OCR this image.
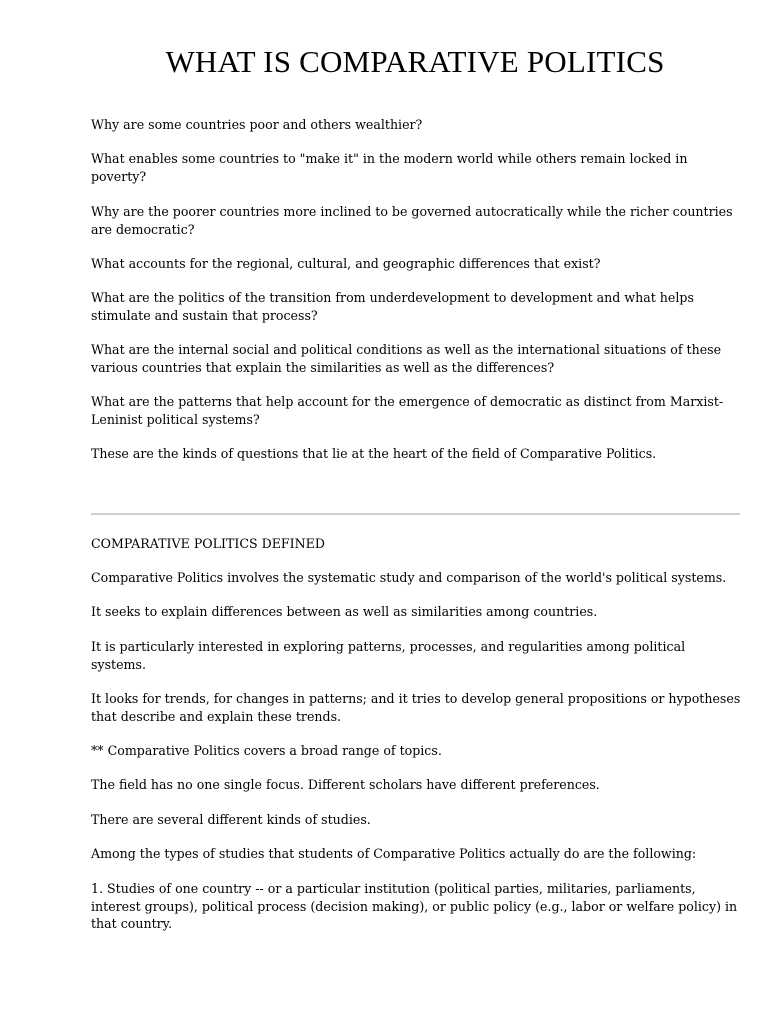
WHAT IS COMPARATIVE POLITICS

Why are some countries poor and others wealthier?

What enables some countries to "make it" in the modern world while others remain locked in poverty?

Why are the poorer countries more inclined to be governed autocratically while the richer countries are democratic?

What accounts for the regional, cultural, and geographic differences that exist?

What are the politics of the transition from underdevelopment to development and what helps stimulate and sustain that process?

What are the internal social and political conditions as well as the international situations of these various countries that explain the similarities as well as the differences?

What are the patterns that help account for the emergence of democratic as distinct from Marxist-Leninist political systems?

These are the kinds of questions that lie at the heart of the field of Comparative Politics.

COMPARATIVE POLITICS DEFINED

Comparative Politics involves the systematic study and comparison of the world's political systems.

It seeks to explain differences between as well as similarities among countries.

It is particularly interested in exploring patterns, processes, and regularities among political systems.

It looks for trends, for changes in patterns; and it tries to develop general propositions or hypotheses that describe and explain these trends.

** Comparative Politics covers a broad range of topics.

The field has no one single focus. Different scholars have different preferences.

There are several different kinds of studies.

Among the types of studies that students of Comparative Politics actually do are the following:

1. Studies of one country -- or a particular institution (political parties, militaries, parliaments, interest groups), political process (decision making), or public policy (e.g., labor or welfare policy) in that country.
